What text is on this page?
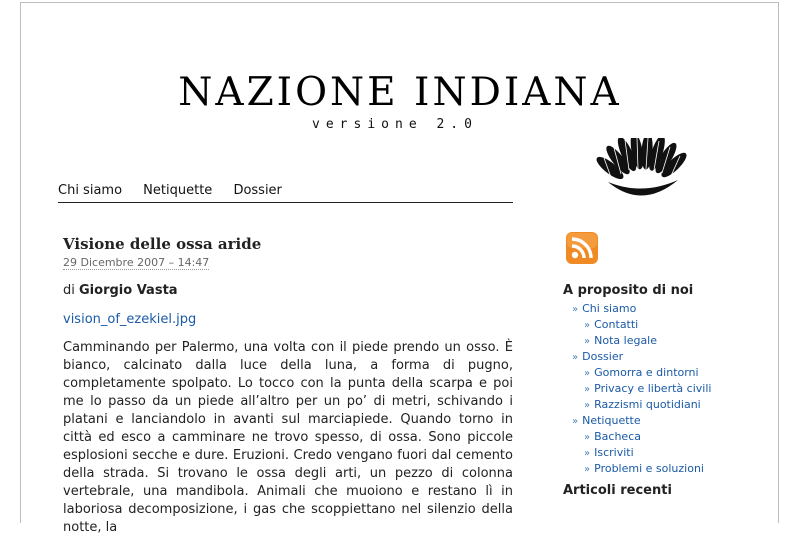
NAZIONE INDIANA
versione 2.0
Chi siamo Netiquette Dossier
Visione delle ossa aride
29 Dicembre 2007 – 14:47
di Giorgio Vasta
vision_of_ezekiel.jpg

Camminando per Palermo, una volta con il piede prendo un osso. È bianco, calcinato dalla luce della luna, a forma di pugno, completamente spolpato. Lo tocco con la punta della scarpa e poi me lo passo da un piede all’altro per un po’ di metri, schivando i platani e lanciandolo in avanti sul marciapiede. Quando torno in città ed esco a camminare ne trovo spesso, di ossa. Sono piccole esplosioni secche e dure. Eruzioni. Credo vengano fuori dal cemento della strada. Si trovano le ossa degli arti, un pezzo di colonna vertebrale, una mandibola. Animali che muoiono e restano lì in laboriosa decomposizione, i gas che scoppiettano nel silenzio della notte, la

A proposito di noi
» Chi siamo
» Contatti
» Nota legale
» Dossier
» Gomorra e dintorni
» Privacy e libertà civili
» Razzismi quotidiani
» Netiquette
» Bacheca
» Iscriviti
» Problemi e soluzioni
Articoli recenti
